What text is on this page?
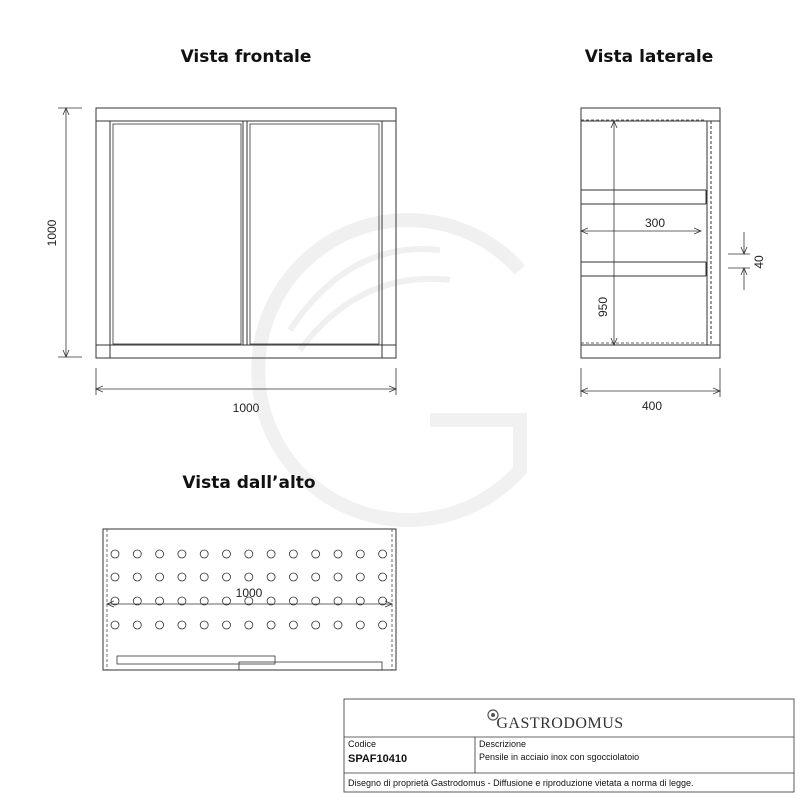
Vista frontale
1000
1000
Vista laterale
300
950
40
400
Vista dall’alto
1000
GASTRODOMUS
Codice
SPAF10410
Descrizione
Pensile in acciaio inox con sgocciolatoio
Disegno di proprietà Gastrodomus - Diffusione e riproduzione vietata a norma di legge.
